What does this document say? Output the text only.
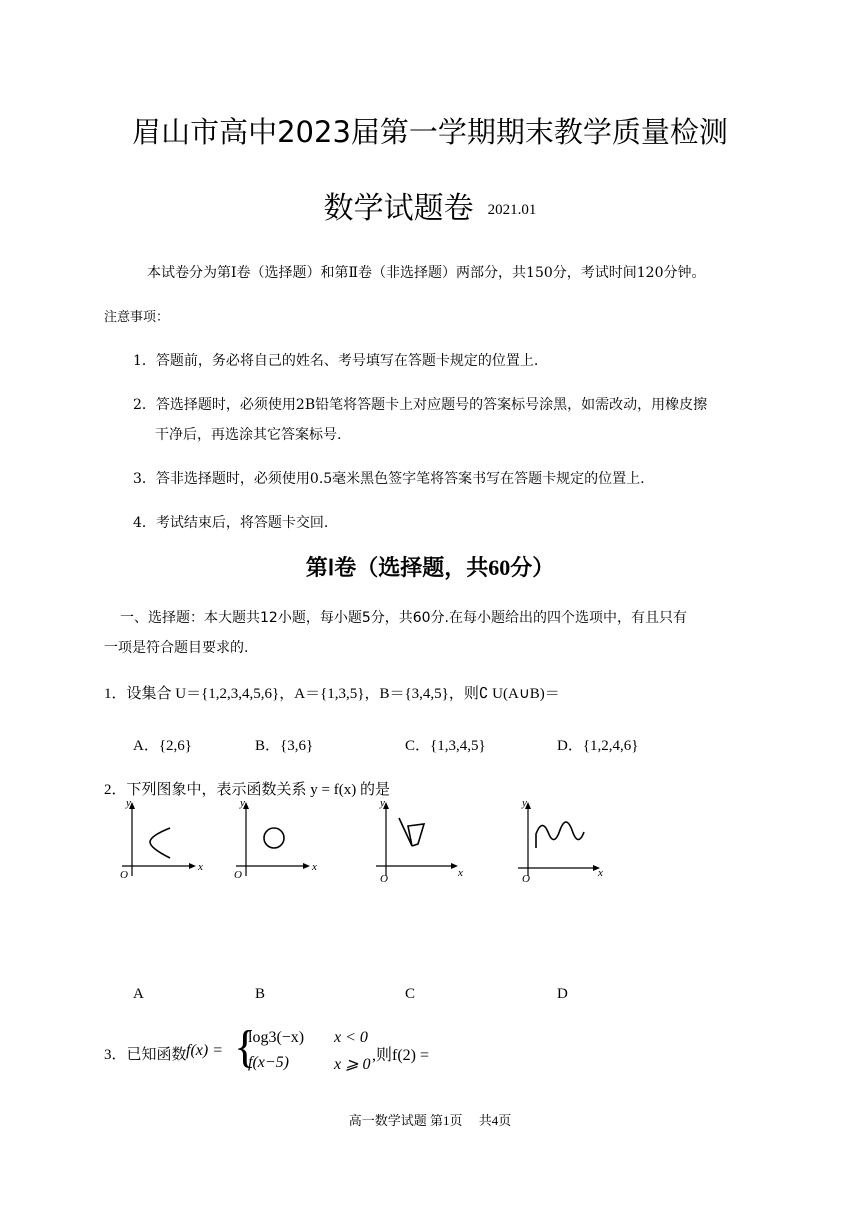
眉山市高中2023届第一学期期末教学质量检测
数学试题卷 2021.01
本试卷分为第Ⅰ卷（选择题）和第Ⅱ卷（非选择题）两部分，共150分，考试时间120分钟。
注意事项：
1．答题前，务必将自己的姓名、考号填写在答题卡规定的位置上.
2．答选择题时，必须使用2B铅笔将答题卡上对应题号的答案标号涂黑，如需改动，用橡皮擦
干净后，再选涂其它答案标号.
3．答非选择题时，必须使用0.5毫米黑色签字笔将答案书写在答题卡规定的位置上.
4．考试结束后，将答题卡交回.
第Ⅰ卷（选择题，共60分）
一、选择题：本大题共12小题，每小题5分，共60分.在每小题给出的四个选项中，有且只有
一项是符合题目要求的.
1．设集合 U＝{1,2,3,4,5,6}，A＝{1,3,5}，B＝{3,4,5}，则∁ U(A∪B)＝
A．{2,6}	B．{3,6}	C．{1,3,4,5}	D．{1,2,4,6}
2．下列图象中，表示函数关系 y = f(x) 的是
y
x
O
y
x
O
y
x
O
y
x
O
A	B	C	D
3．已知函数 f(x) = {
log3(−x) x < 0
f(x−5)	x ⩾ 0
,则f(2) =
高一数学试题 第1页　 共4页
